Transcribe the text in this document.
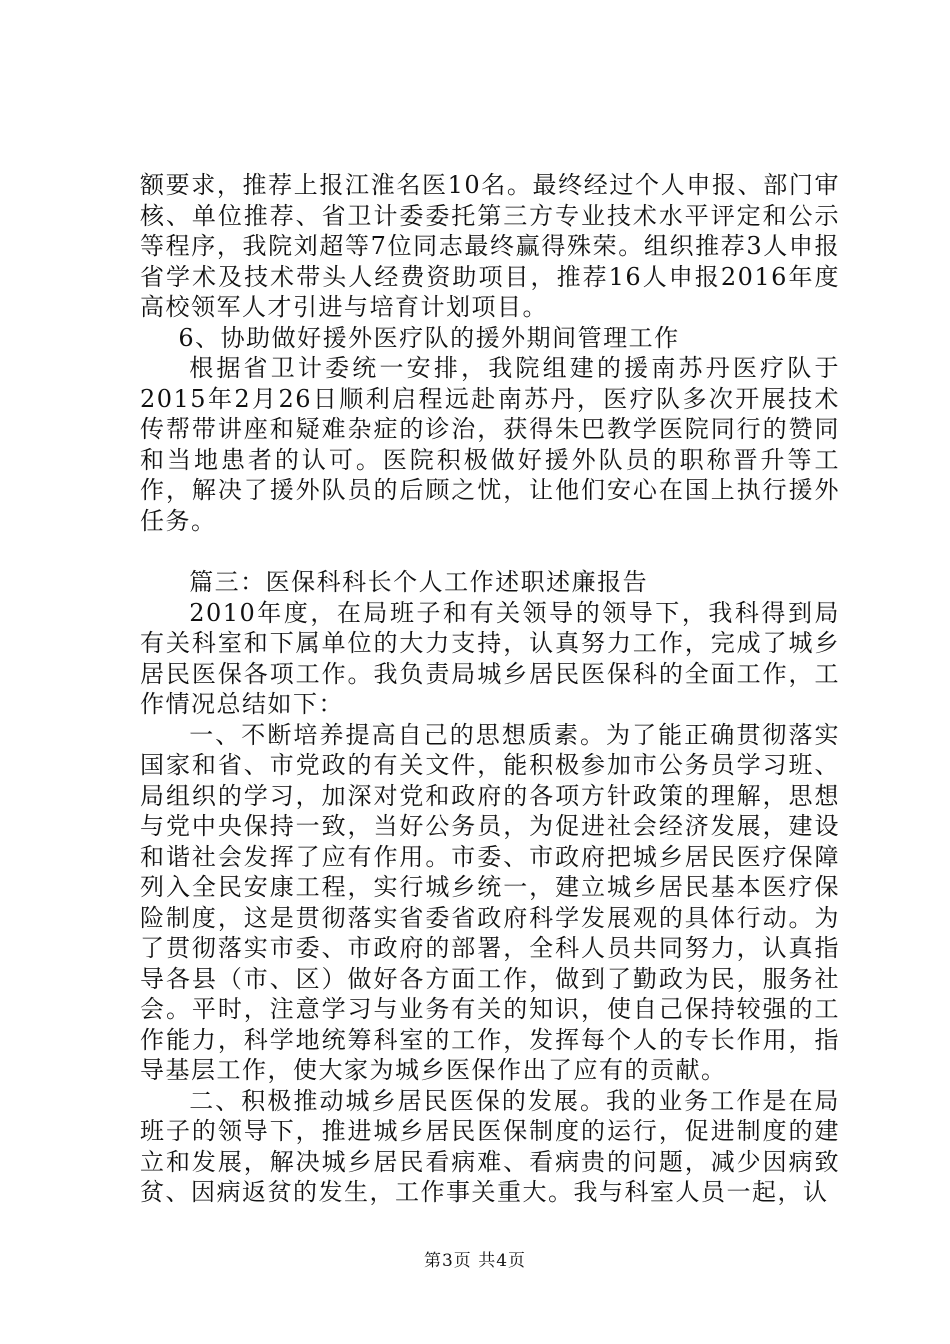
额要求，推荐上报江淮名医10名。最终经过个人申报、部门审核、单位推荐、省卫计委委托第三方专业技术水平评定和公示等程序，我院刘超等7位同志最终赢得殊荣。组织推荐3人申报省学术及技术带头人经费资助项目，推荐16人申报2016年度高校领军人才引进与培育计划项目。

6、协助做好援外医疗队的援外期间管理工作

根据省卫计委统一安排，我院组建的援南苏丹医疗队于2015年2月26日顺利启程远赴南苏丹，医疗队多次开展技术传帮带讲座和疑难杂症的诊治，获得朱巴教学医院同行的赞同和当地患者的认可。医院积极做好援外队员的职称晋升等工作，解决了援外队员的后顾之忧，让他们安心在国上执行援外任务。

篇三：医保科科长个人工作述职述廉报告

2010年度，在局班子和有关领导的领导下，我科得到局有关科室和下属单位的大力支持，认真努力工作，完成了城乡居民医保各项工作。我负责局城乡居民医保科的全面工作，工作情况总结如下：

一、不断培养提高自己的思想质素。为了能正确贯彻落实国家和省、市党政的有关文件，能积极参加市公务员学习班、局组织的学习，加深对党和政府的各项方针政策的理解，思想与党中央保持一致，当好公务员，为促进社会经济发展，建设和谐社会发挥了应有作用。市委、市政府把城乡居民医疗保障列入全民安康工程，实行城乡统一，建立城乡居民基本医疗保险制度，这是贯彻落实省委省政府科学发展观的具体行动。为了贯彻落实市委、市政府的部署，全科人员共同努力，认真指导各县（市、区）做好各方面工作，做到了勤政为民，服务社会。平时，注意学习与业务有关的知识，使自己保持较强的工作能力，科学地统筹科室的工作，发挥每个人的专长作用，指导基层工作，使大家为城乡医保作出了应有的贡献。

二、积极推动城乡居民医保的发展。我的业务工作是在局班子的领导下，推进城乡居民医保制度的运行，促进制度的建立和发展，解决城乡居民看病难、看病贵的问题，减少因病致贫、因病返贫的发生，工作事关重大。我与科室人员一起，认

第3页 共4页
